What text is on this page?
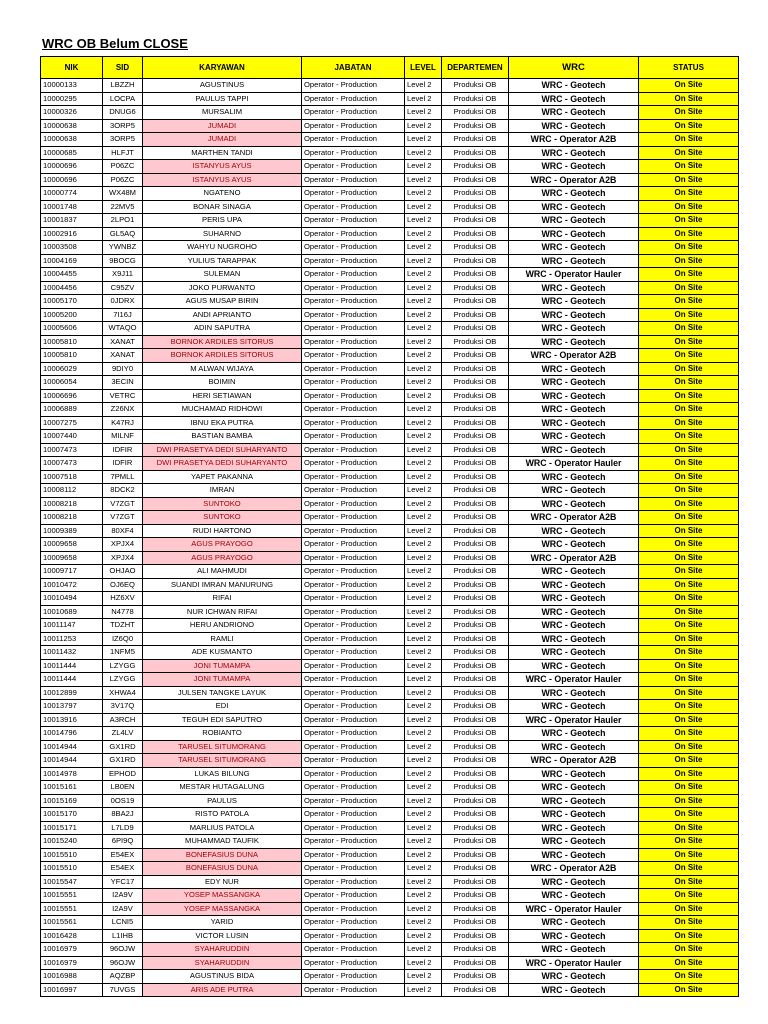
WRC OB Belum CLOSE
NIK	SID	KARYAWAN	JABATAN	LEVEL	DEPARTEMEN	WRC	STATUS
10000133	LBZZH	AGUSTINUS	Operator - Production	Level 2	Produksi OB	WRC - Geotech	On Site
10000295	LOCPA	PAULUS TAPPI	Operator - Production	Level 2	Produksi OB	WRC - Geotech	On Site
10000326	DNUG6	MURSALIM	Operator - Production	Level 2	Produksi OB	WRC - Geotech	On Site
10000638	3ORP5	JUMADI	Operator - Production	Level 2	Produksi OB	WRC - Geotech	On Site
10000638	3ORP5	JUMADI	Operator - Production	Level 2	Produksi OB	WRC - Operator A2B	On Site
10000685	HLFJT	MARTHEN TANDI	Operator - Production	Level 2	Produksi OB	WRC - Geotech	On Site
10000696	P06ZC	ISTANYUS AYUS	Operator - Production	Level 2	Produksi OB	WRC - Geotech	On Site
10000696	P06ZC	ISTANYUS AYUS	Operator - Production	Level 2	Produksi OB	WRC - Operator A2B	On Site
10000774	WX48M	NGATENO	Operator - Production	Level 2	Produksi OB	WRC - Geotech	On Site
10001748	22MV5	BONAR SINAGA	Operator - Production	Level 2	Produksi OB	WRC - Geotech	On Site
10001837	2LPO1	PERIS UPA	Operator - Production	Level 2	Produksi OB	WRC - Geotech	On Site
10002916	GL5AQ	SUHARNO	Operator - Production	Level 2	Produksi OB	WRC - Geotech	On Site
10003508	YWNBZ	WAHYU NUGROHO	Operator - Production	Level 2	Produksi OB	WRC - Geotech	On Site
10004169	9BOCG	YULIUS TARAPPAK	Operator - Production	Level 2	Produksi OB	WRC - Geotech	On Site
10004455	X9J11	SULEMAN	Operator - Production	Level 2	Produksi OB	WRC - Operator Hauler	On Site
10004456	C95ZV	JOKO PURWANTO	Operator - Production	Level 2	Produksi OB	WRC - Geotech	On Site
10005170	0JDRX	AGUS MUSAP BIRIN	Operator - Production	Level 2	Produksi OB	WRC - Geotech	On Site
10005200	7I16J	ANDI APRIANTO	Operator - Production	Level 2	Produksi OB	WRC - Geotech	On Site
10005606	WTAQO	ADIN SAPUTRA	Operator - Production	Level 2	Produksi OB	WRC - Geotech	On Site
10005810	XANAT	BORNOK ARDILES SITORUS	Operator - Production	Level 2	Produksi OB	WRC - Geotech	On Site
10005810	XANAT	BORNOK ARDILES SITORUS	Operator - Production	Level 2	Produksi OB	WRC - Operator A2B	On Site
10006029	9DIY0	M ALWAN WIJAYA	Operator - Production	Level 2	Produksi OB	WRC - Geotech	On Site
10006054	3ECIN	BOIMIN	Operator - Production	Level 2	Produksi OB	WRC - Geotech	On Site
10006696	VETRC	HERI SETIAWAN	Operator - Production	Level 2	Produksi OB	WRC - Geotech	On Site
10006889	Z26NX	MUCHAMAD RIDHOWI	Operator - Production	Level 2	Produksi OB	WRC - Geotech	On Site
10007275	K47RJ	IBNU EKA PUTRA	Operator - Production	Level 2	Produksi OB	WRC - Geotech	On Site
10007440	MILNF	BASTIAN BAMBA	Operator - Production	Level 2	Produksi OB	WRC - Geotech	On Site
10007473	IDFIR	DWI PRASETYA DEDI SUHARYANTO	Operator - Production	Level 2	Produksi OB	WRC - Geotech	On Site
10007473	IDFIR	DWI PRASETYA DEDI SUHARYANTO	Operator - Production	Level 2	Produksi OB	WRC - Operator Hauler	On Site
10007518	7PMLL	YAPET PAKANNA	Operator - Production	Level 2	Produksi OB	WRC - Geotech	On Site
10008112	8DCK2	IMRAN	Operator - Production	Level 2	Produksi OB	WRC - Geotech	On Site
10008218	V7ZGT	SUNTOKO	Operator - Production	Level 2	Produksi OB	WRC - Geotech	On Site
10008218	V7ZGT	SUNTOKO	Operator - Production	Level 2	Produksi OB	WRC - Operator A2B	On Site
10009389	80XF4	RUDI HARTONO	Operator - Production	Level 2	Produksi OB	WRC - Geotech	On Site
10009658	XPJX4	AGUS PRAYOGO	Operator - Production	Level 2	Produksi OB	WRC - Geotech	On Site
10009658	XPJX4	AGUS PRAYOGO	Operator - Production	Level 2	Produksi OB	WRC - Operator A2B	On Site
10009717	OHJAO	ALI MAHMUDI	Operator - Production	Level 2	Produksi OB	WRC - Geotech	On Site
10010472	OJ6EQ	SUANDI IMRAN MANURUNG	Operator - Production	Level 2	Produksi OB	WRC - Geotech	On Site
10010494	HZ6XV	RIFAI	Operator - Production	Level 2	Produksi OB	WRC - Geotech	On Site
10010689	N4778	NUR ICHWAN RIFAI	Operator - Production	Level 2	Produksi OB	WRC - Geotech	On Site
10011147	TDZHT	HERU ANDRIONO	Operator - Production	Level 2	Produksi OB	WRC - Geotech	On Site
10011253	IZ6Q0	RAMLI	Operator - Production	Level 2	Produksi OB	WRC - Geotech	On Site
10011432	1NFM5	ADE KUSMANTO	Operator - Production	Level 2	Produksi OB	WRC - Geotech	On Site
10011444	LZYGG	JONI TUMAMPA	Operator - Production	Level 2	Produksi OB	WRC - Geotech	On Site
10011444	LZYGG	JONI TUMAMPA	Operator - Production	Level 2	Produksi OB	WRC - Operator Hauler	On Site
10012899	XHWA4	JULSEN TANGKE LAYUK	Operator - Production	Level 2	Produksi OB	WRC - Geotech	On Site
10013797	3V17Q	EDI	Operator - Production	Level 2	Produksi OB	WRC - Geotech	On Site
10013916	A3RCH	TEGUH EDI SAPUTRO	Operator - Production	Level 2	Produksi OB	WRC - Operator Hauler	On Site
10014796	ZL4LV	ROBIANTO	Operator - Production	Level 2	Produksi OB	WRC - Geotech	On Site
10014944	GX1RD	TARUSEL SITUMORANG	Operator - Production	Level 2	Produksi OB	WRC - Geotech	On Site
10014944	GX1RD	TARUSEL SITUMORANG	Operator - Production	Level 2	Produksi OB	WRC - Operator A2B	On Site
10014978	EPHOD	LUKAS BILUNG	Operator - Production	Level 2	Produksi OB	WRC - Geotech	On Site
10015161	LB0EN	MESTAR HUTAGALUNG	Operator - Production	Level 2	Produksi OB	WRC - Geotech	On Site
10015169	0OS19	PAULUS	Operator - Production	Level 2	Produksi OB	WRC - Geotech	On Site
10015170	8BA2J	RISTO PATOLA	Operator - Production	Level 2	Produksi OB	WRC - Geotech	On Site
10015171	L7LD9	MARLIUS PATOLA	Operator - Production	Level 2	Produksi OB	WRC - Geotech	On Site
10015240	6PI9Q	MUHAMMAD TAUFIK	Operator - Production	Level 2	Produksi OB	WRC - Geotech	On Site
10015510	E54EX	BONEFASIUS DUNA	Operator - Production	Level 2	Produksi OB	WRC - Geotech	On Site
10015510	E54EX	BONEFASIUS DUNA	Operator - Production	Level 2	Produksi OB	WRC - Operator A2B	On Site
10015547	YFC17	EDY NUR	Operator - Production	Level 2	Produksi OB	WRC - Geotech	On Site
10015551	I2A9V	YOSEP MASSANGKA	Operator - Production	Level 2	Produksi OB	WRC - Geotech	On Site
10015551	I2A9V	YOSEP MASSANGKA	Operator - Production	Level 2	Produksi OB	WRC - Operator Hauler	On Site
10015561	LCNI5	YARID	Operator - Production	Level 2	Produksi OB	WRC - Geotech	On Site
10016428	L1IHB	VICTOR LUSIN	Operator - Production	Level 2	Produksi OB	WRC - Geotech	On Site
10016979	96OJW	SYAHARUDDIN	Operator - Production	Level 2	Produksi OB	WRC - Geotech	On Site
10016979	96OJW	SYAHARUDDIN	Operator - Production	Level 2	Produksi OB	WRC - Operator Hauler	On Site
10016988	AQZBP	AGUSTINUS BIDA	Operator - Production	Level 2	Produksi OB	WRC - Geotech	On Site
10016997	7UVGS	ARIS ADE PUTRA	Operator - Production	Level 2	Produksi OB	WRC - Geotech	On Site
